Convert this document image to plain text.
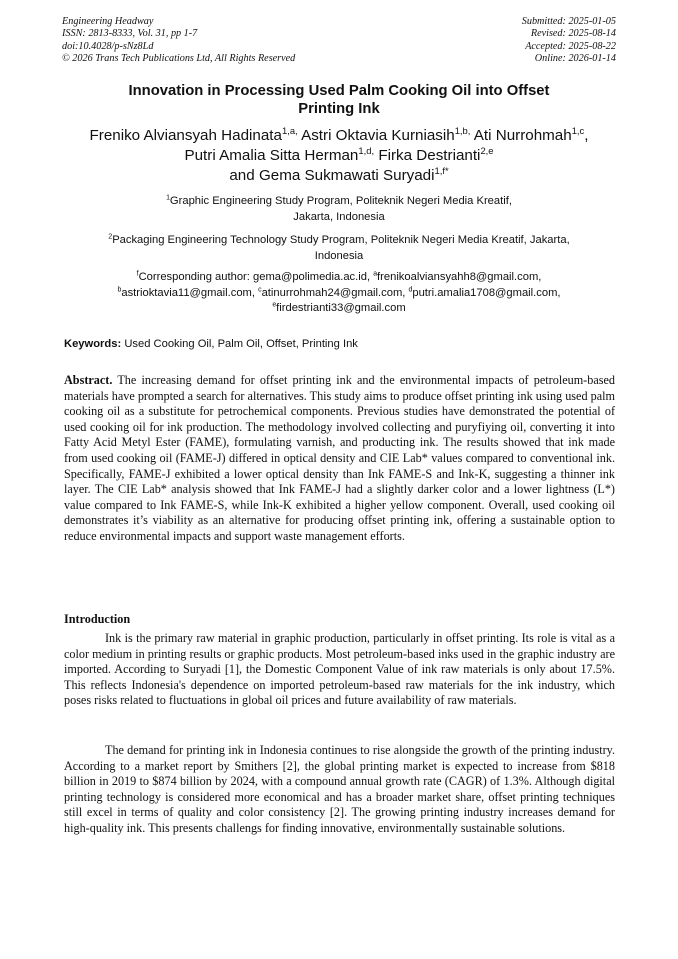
Engineering Headway
ISSN: 2813-8333, Vol. 31, pp 1-7
doi:10.4028/p-sNz8Ld
© 2026 Trans Tech Publications Ltd, All Rights Reserved
Submitted: 2025-01-05
Revised: 2025-08-14
Accepted: 2025-08-22
Online: 2026-01-14
Innovation in Processing Used Palm Cooking Oil into Offset
Printing Ink
Freniko Alviansyah Hadinata$^{1,a,}$ Astri Oktavia Kurniasih$^{1,b,}$ Ati Nurrohmah$^{1,c}$,
Putri Amalia Sitta Herman$^{1,d,}$ Firka Destrianti$^{2,e}$
and Gema Sukmawati Suryadi$^{1,f*}$
$^1$Graphic Engineering Study Program, Politeknik Negeri Media Kreatif,
Jakarta, Indonesia
$^2$Packaging Engineering Technology Study Program, Politeknik Negeri Media Kreatif, Jakarta,
Indonesia
$^f$Corresponding author: gema@polimedia.ac.id, $^a$frenikoalviansyahh8@gmail.com,
$^b$astrioktavia11@gmail.com, $^c$atinurrohmah24@gmail.com, $^d$putri.amalia1708@gmail.com,
$^e$firdestrianti33@gmail.com
Keywords: Used Cooking Oil, Palm Oil, Offset, Printing Ink
Abstract. The increasing demand for offset printing ink and the environmental impacts of petroleum-based materials have prompted a search for alternatives. This study aims to produce offset printing ink using used palm cooking oil as a substitute for petrochemical components. Previous studies have demonstrated the potential of used cooking oil for ink production. The methodology involved collecting and puryfiying oil, converting it into Fatty Acid Metyl Ester (FAME), formulating varnish, and producting ink. The results showed that ink made from used cooking oil (FAME-J) differed in optical density and CIE Lab* values compared to conventional ink. Specifically, FAME-J exhibited a lower optical density than Ink FAME-S and Ink-K, suggesting a thinner ink layer. The CIE Lab* analysis showed that Ink FAME-J had a slightly darker color and a lower lightness (L*) value compared to Ink FAME-S, while Ink-K exhibited a higher yellow component. Overall, used cooking oil demonstrates it’s viability as an alternative for producing offset printing ink, offering a sustainable option to reduce environmental impacts and support waste management efforts.
Introduction
Ink is the primary raw material in graphic production, particularly in offset printing. Its role is vital as a color medium in printing results or graphic products. Most petroleum-based inks used in the graphic industry are imported. According to Suryadi [1], the Domestic Component Value of ink raw materials is only about 17.5%. This reflects Indonesia's dependence on imported petroleum-based raw materials for the ink industry, which poses risks related to fluctuations in global oil prices and future availability of raw materials.
The demand for printing ink in Indonesia continues to rise alongside the growth of the printing industry. According to a market report by Smithers [2], the global printing market is expected to increase from $818 billion in 2019 to $874 billion by 2024, with a compound annual growth rate (CAGR) of 1.3%. Although digital printing technology is considered more economical and has a broader market share, offset printing techniques still excel in terms of quality and color consistency [2]. The growing printing industry increases demand for high-quality ink. This presents challengs for finding innovative, environmentally sustainable solutions.
